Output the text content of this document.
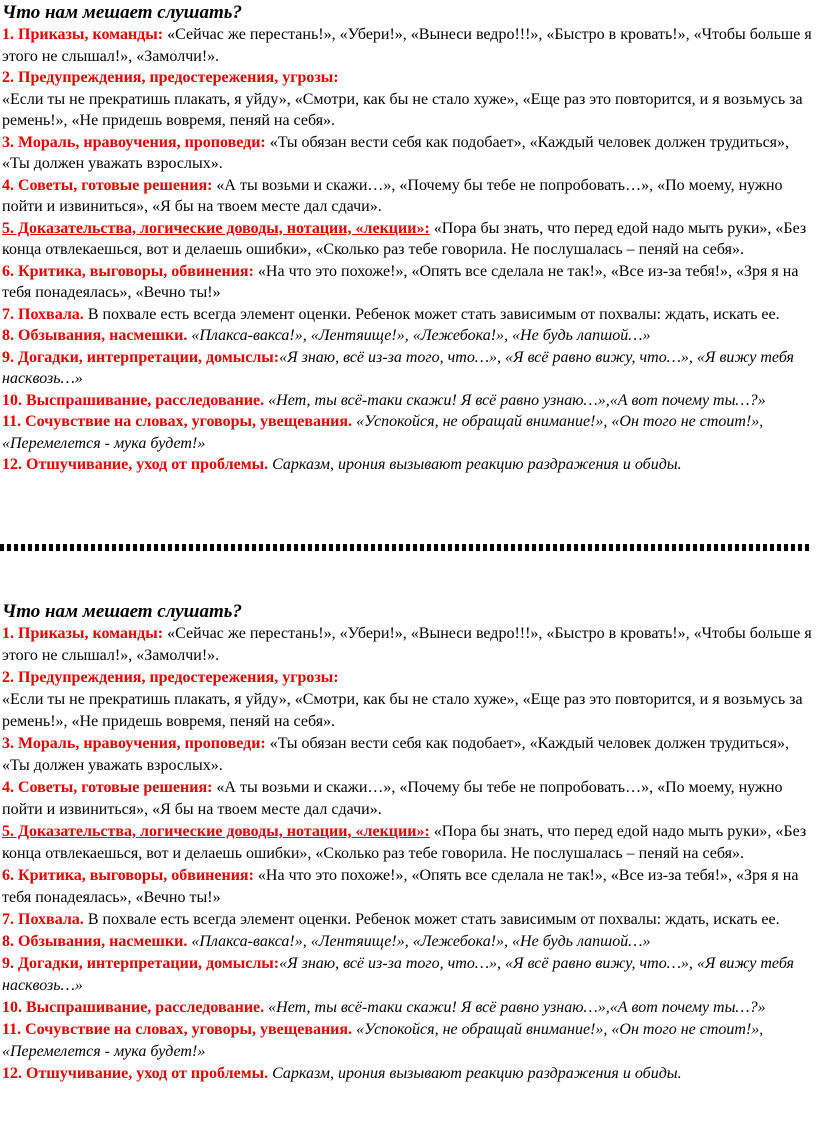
Что нам мешает слушать?

1. Приказы, команды: «Сейчас же перестань!», «Убери!», «Вынеси ведро!!!», «Быстро в кровать!», «Чтобы больше я этого не слышал!», «Замолчи!».

2. Предупреждения, предостережения, угрозы:
«Если ты не прекратишь плакать, я уйду», «Смотри, как бы не стало хуже», «Еще раз это повторится, и я возьмусь за ремень!», «Не придешь вовремя, пеняй на себя».

3. Мораль, нравоучения, проповеди: «Ты обязан вести себя как подобает», «Каждый человек должен трудиться», «Ты должен уважать взрослых».

4. Советы, готовые решения: «А ты возьми и скажи…», «Почему бы тебе не попробовать…», «По моему, нужно пойти и извиниться», «Я бы на твоем месте дал сдачи».

5. Доказательства, логические доводы, нотации, «лекции»: «Пора бы знать, что перед едой надо мыть руки», «Без конца отвлекаешься, вот и делаешь ошибки», «Сколько раз тебе говорила. Не послушалась – пеняй на себя».

6. Критика, выговоры, обвинения: «На что это похоже!», «Опять все сделала не так!», «Все из-за тебя!», «Зря я на тебя понадеялась», «Вечно ты!»

7. Похвала. В похвале есть всегда элемент оценки. Ребенок может стать зависимым от похвалы: ждать, искать ее.

8. Обзывания, насмешки. «Плакса-вакса!», «Лентяище!», «Лежебока!», «Не будь лапшой…»

9. Догадки, интерпретации, домыслы:«Я знаю, всё из-за того, что…», «Я всё равно вижу, что…», «Я вижу тебя насквозь…»

10. Выспрашивание, расследование. «Нет, ты всё-таки скажи! Я всё равно узнаю…»,«А вот почему ты…?»

11. Сочувствие на словах, уговоры, увещевания. «Успокойся, не обращай внимание!», «Он того не стоит!», «Перемелется - мука будет!»

12. Отшучивание, уход от проблемы. Сарказм, ирония вызывают реакцию раздражения и обиды.

Что нам мешает слушать?

1. Приказы, команды: «Сейчас же перестань!», «Убери!», «Вынеси ведро!!!», «Быстро в кровать!», «Чтобы больше я этого не слышал!», «Замолчи!».

2. Предупреждения, предостережения, угрозы:
«Если ты не прекратишь плакать, я уйду», «Смотри, как бы не стало хуже», «Еще раз это повторится, и я возьмусь за ремень!», «Не придешь вовремя, пеняй на себя».

3. Мораль, нравоучения, проповеди: «Ты обязан вести себя как подобает», «Каждый человек должен трудиться», «Ты должен уважать взрослых».

4. Советы, готовые решения: «А ты возьми и скажи…», «Почему бы тебе не попробовать…», «По моему, нужно пойти и извиниться», «Я бы на твоем месте дал сдачи».

5. Доказательства, логические доводы, нотации, «лекции»: «Пора бы знать, что перед едой надо мыть руки», «Без конца отвлекаешься, вот и делаешь ошибки», «Сколько раз тебе говорила. Не послушалась – пеняй на себя».

6. Критика, выговоры, обвинения: «На что это похоже!», «Опять все сделала не так!», «Все из-за тебя!», «Зря я на тебя понадеялась», «Вечно ты!»

7. Похвала. В похвале есть всегда элемент оценки. Ребенок может стать зависимым от похвалы: ждать, искать ее.

8. Обзывания, насмешки. «Плакса-вакса!», «Лентяище!», «Лежебока!», «Не будь лапшой…»

9. Догадки, интерпретации, домыслы:«Я знаю, всё из-за того, что…», «Я всё равно вижу, что…», «Я вижу тебя насквозь…»

10. Выспрашивание, расследование. «Нет, ты всё-таки скажи! Я всё равно узнаю…»,«А вот почему ты…?»

11. Сочувствие на словах, уговоры, увещевания. «Успокойся, не обращай внимание!», «Он того не стоит!», «Перемелется - мука будет!»

12. Отшучивание, уход от проблемы. Сарказм, ирония вызывают реакцию раздражения и обиды.
